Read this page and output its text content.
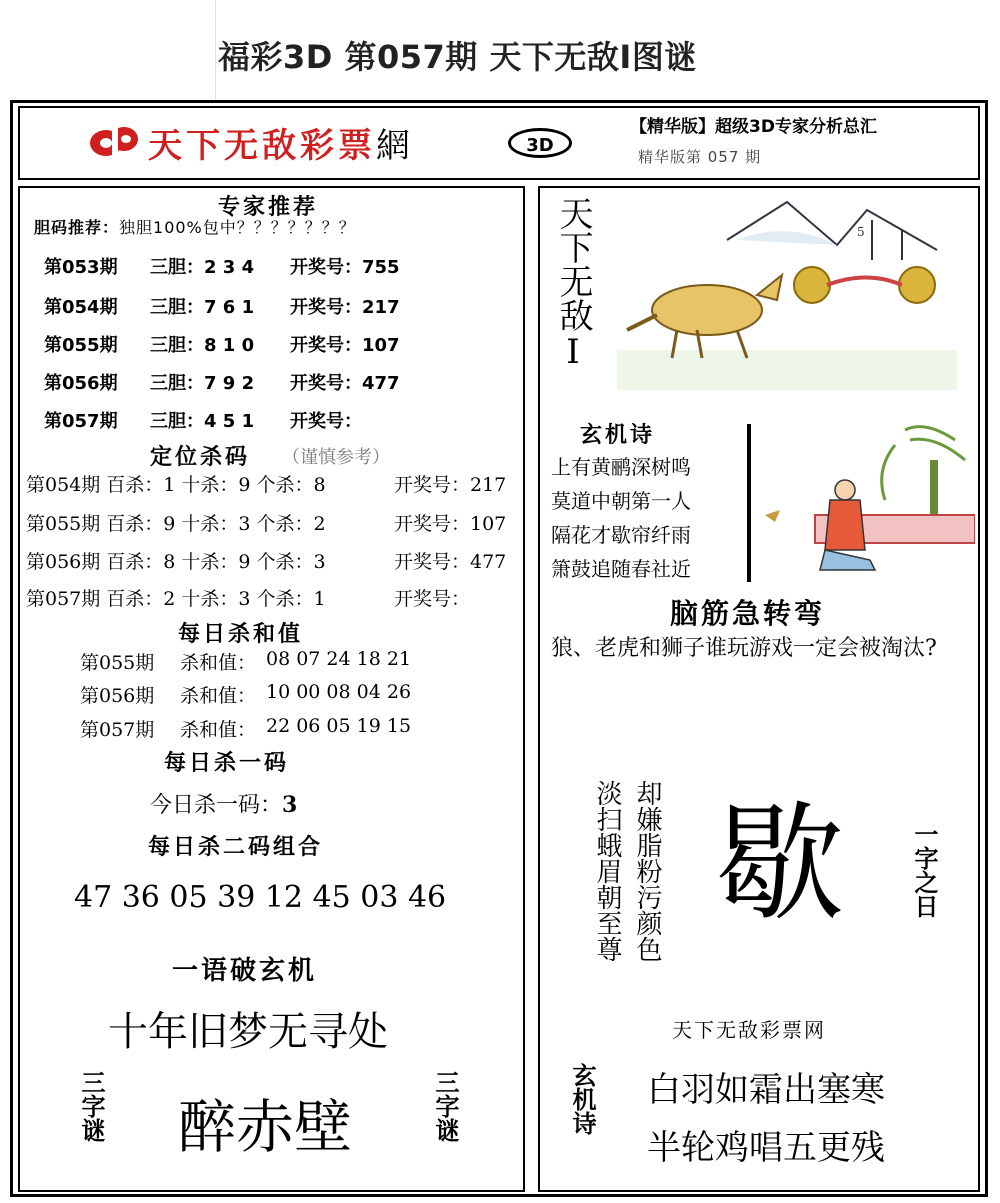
福彩3D 第057期 天下无敌Ⅰ图谜
天下无敌彩票網	3D
【精华版】超级3D专家分析总汇
精华版第 057 期
专家推荐
胆码推荐：独胆100%包中？？？？？？？
第053期 三胆：2 3 4 开奖号：755
第054期 三胆：7 6 1 开奖号：217
第055期 三胆：8 1 0 开奖号：107
第056期 三胆：7 9 2 开奖号：477
第057期 三胆：4 5 1 开奖号：
定位杀码 （谨慎参考）
第054期 百杀：1 十杀：9 个杀：8	开奖号：217
第055期 百杀：9 十杀：3 个杀：2	开奖号：107
第056期 百杀：8 十杀：9 个杀：3	开奖号：477
第057期 百杀：2 十杀：3 个杀：1	开奖号：
每日杀和值
第055期 杀和值： 08 07 24 18 21
第056期 杀和值： 10 00 08 04 26
第057期 杀和值： 22 06 05 19 15
每日杀一码
今日杀一码：3
每日杀二码组合
47 36 05 39 12 45 03 46
一语破玄机
十年旧梦无寻处
三字谜 醉赤壁	三字谜
天下无敌Ⅰ	5
玄机诗
上有黄鹂深树鸣
莫道中朝第一人
隔花才歇帘纤雨
箫鼓追随春社近
脑筋急转弯
狼、老虎和狮子谁玩游戏一定会被淘汰?
淡扫蛾眉朝至尊 却嫌脂粉污颜色 歇	一字之日
天下无敌彩票网
玄机诗 白羽如霜出塞寒
半轮鸡唱五更残
